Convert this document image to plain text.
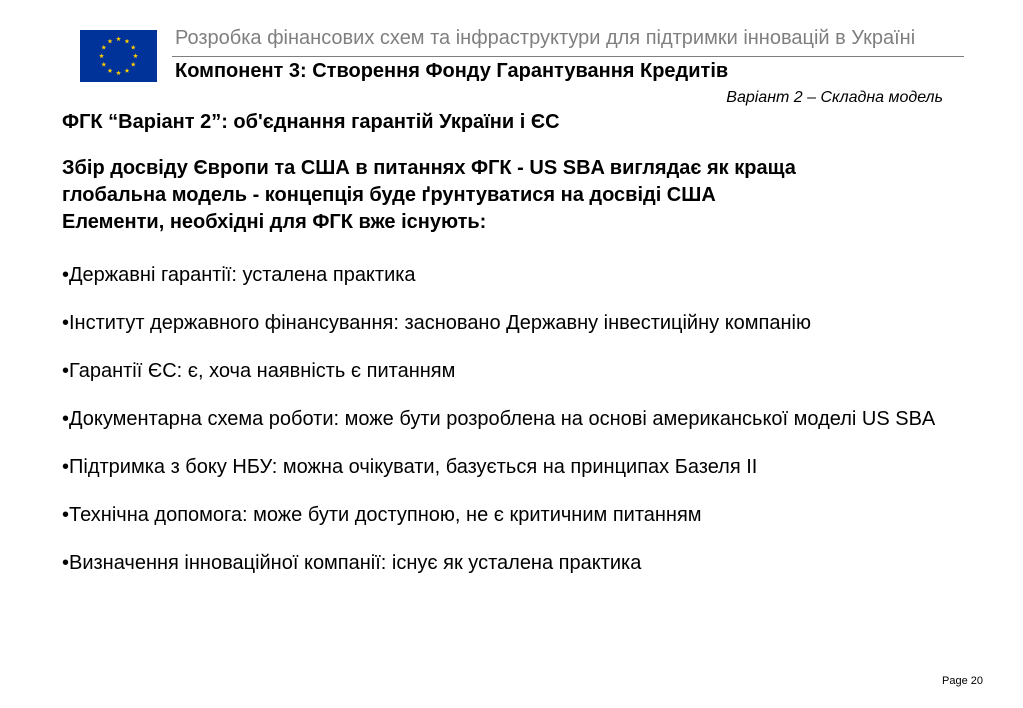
Розробка фінансових схем та інфраструктури для підтримки інновацій в Україні
Компонент 3: Створення Фонду Гарантування Кредитів
Варіант 2 – Складна модель
ФГК “Варіант 2”: об'єднання гарантій України і ЄС
Збір досвіду Європи та США в питаннях ФГК - US SBA виглядає як краща
глобальна модель - концепція буде ґрунтуватися на досвіді США
Елементи, необхідні для ФГК вже існують:
•Державні гарантії: усталена практика
•Інститут державного фінансування: засновано Державну інвестиційну компанію
•Гарантії ЄС: є, хоча наявність є питанням
•Документарна схема роботи: може бути розроблена на основі американської моделі US SBA
•Підтримка з боку НБУ: можна очікувати, базується на принципах Базеля II
•Технічна допомога: може бути доступною, не є критичним питанням
•Визначення інноваційної компанії: існує як усталена практика
Page 20
